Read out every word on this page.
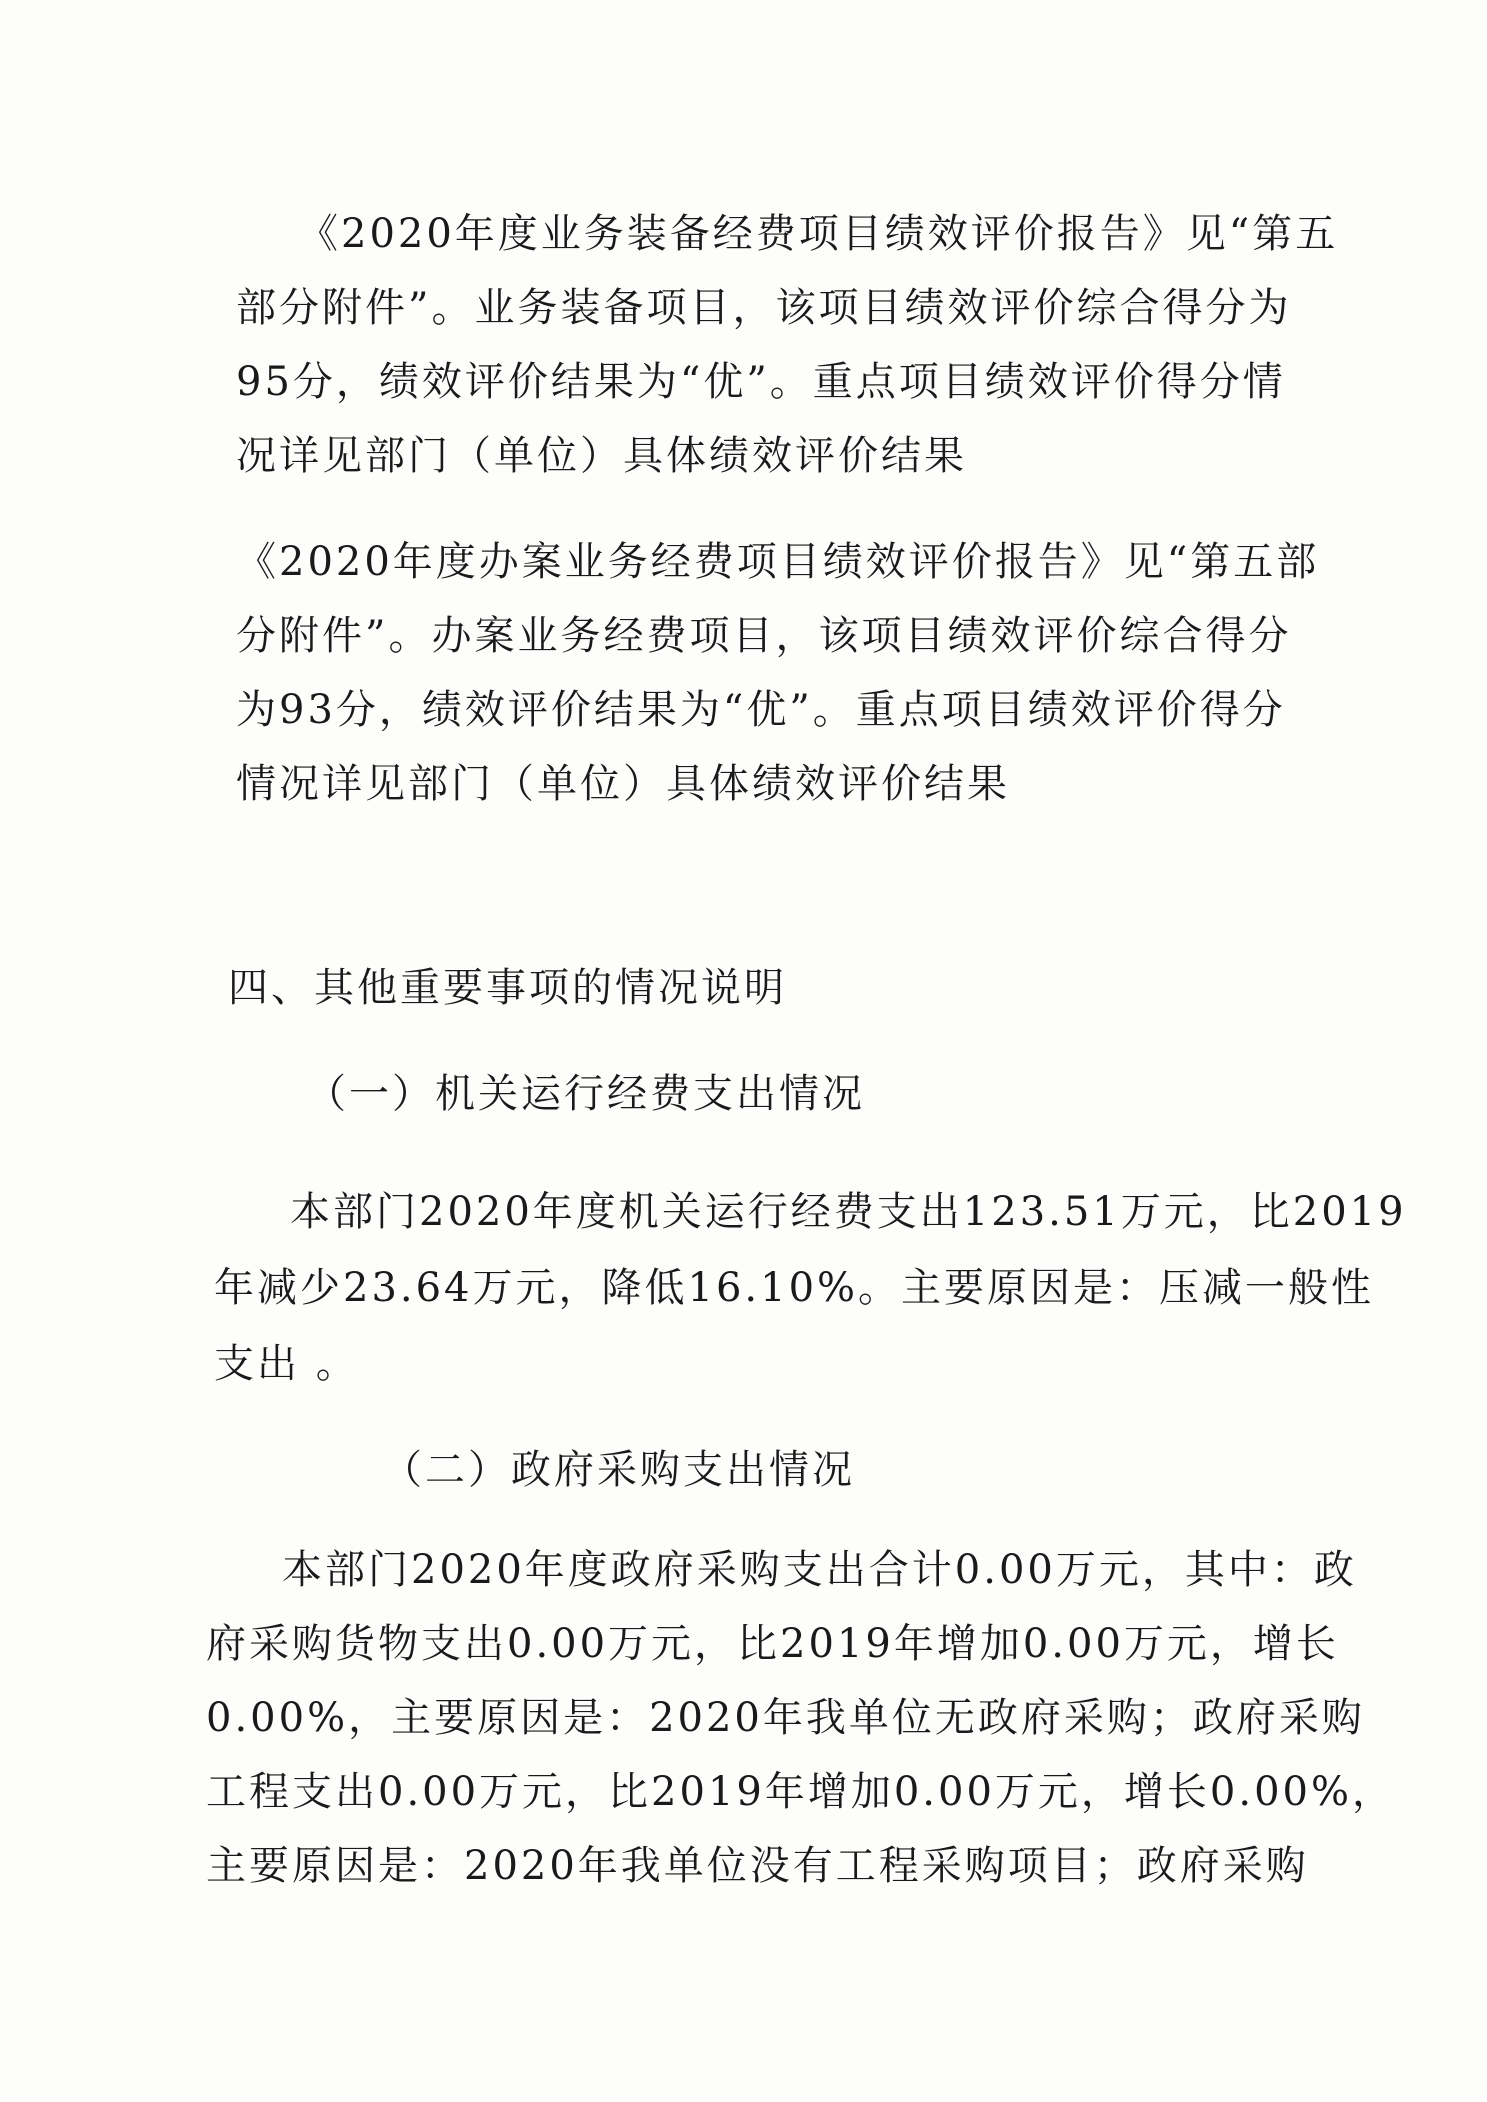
《2020年度业务装备经费项目绩效评价报告》见“第五
部分附件”。业务装备项目，该项目绩效评价综合得分为
95分，绩效评价结果为“优”。重点项目绩效评价得分情
况详见部门（单位）具体绩效评价结果
《2020年度办案业务经费项目绩效评价报告》见“第五部
分附件”。办案业务经费项目，该项目绩效评价综合得分
为93分，绩效评价结果为“优”。重点项目绩效评价得分
情况详见部门（单位）具体绩效评价结果
四、其他重要事项的情况说明
（一）机关运行经费支出情况
本部门2020年度机关运行经费支出123.51万元，比2019
年减少23.64万元，降低16.10%。主要原因是：压减一般性
支出 。
（二）政府采购支出情况
本部门2020年度政府采购支出合计0.00万元，其中：政
府采购货物支出0.00万元，比2019年增加0.00万元，增长
0.00%，主要原因是：2020年我单位无政府采购；政府采购
工程支出0.00万元，比2019年增加0.00万元，增长0.00%，
主要原因是：2020年我单位没有工程采购项目；政府采购
